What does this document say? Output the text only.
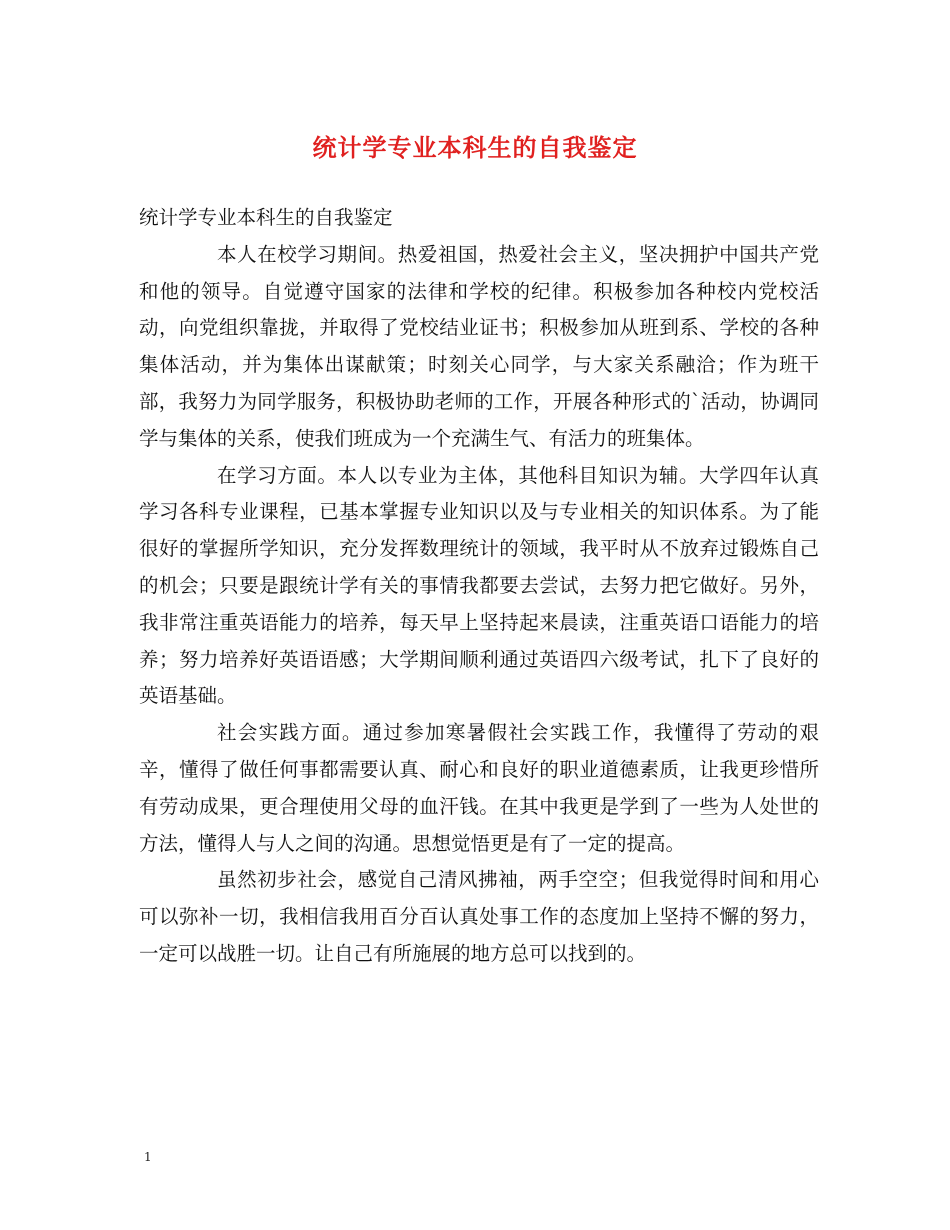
统计学专业本科生的自我鉴定

统计学专业本科生的自我鉴定

本人在校学习期间。热爱祖国，热爱社会主义，坚决拥护中国共产党和他的领导。自觉遵守国家的法律和学校的纪律。积极参加各种校内党校活动，向党组织靠拢，并取得了党校结业证书；积极参加从班到系、学校的各种集体活动，并为集体出谋献策；时刻关心同学，与大家关系融洽；作为班干部，我努力为同学服务，积极协助老师的工作，开展各种形式的`活动，协调同学与集体的关系，使我们班成为一个充满生气、有活力的班集体。

在学习方面。本人以专业为主体，其他科目知识为辅。大学四年认真学习各科专业课程，已基本掌握专业知识以及与专业相关的知识体系。为了能很好的掌握所学知识，充分发挥数理统计的领域，我平时从不放弃过锻炼自己的机会；只要是跟统计学有关的事情我都要去尝试，去努力把它做好。另外，我非常注重英语能力的培养，每天早上坚持起来晨读，注重英语口语能力的培养；努力培养好英语语感；大学期间顺利通过英语四六级考试，扎下了良好的英语基础。

社会实践方面。通过参加寒暑假社会实践工作，我懂得了劳动的艰辛，懂得了做任何事都需要认真、耐心和良好的职业道德素质，让我更珍惜所有劳动成果，更合理使用父母的血汗钱。在其中我更是学到了一些为人处世的方法，懂得人与人之间的沟通。思想觉悟更是有了一定的提高。

虽然初步社会，感觉自己清风拂袖，两手空空；但我觉得时间和用心可以弥补一切，我相信我用百分百认真处事工作的态度加上坚持不懈的努力，一定可以战胜一切。让自己有所施展的地方总可以找到的。

1
